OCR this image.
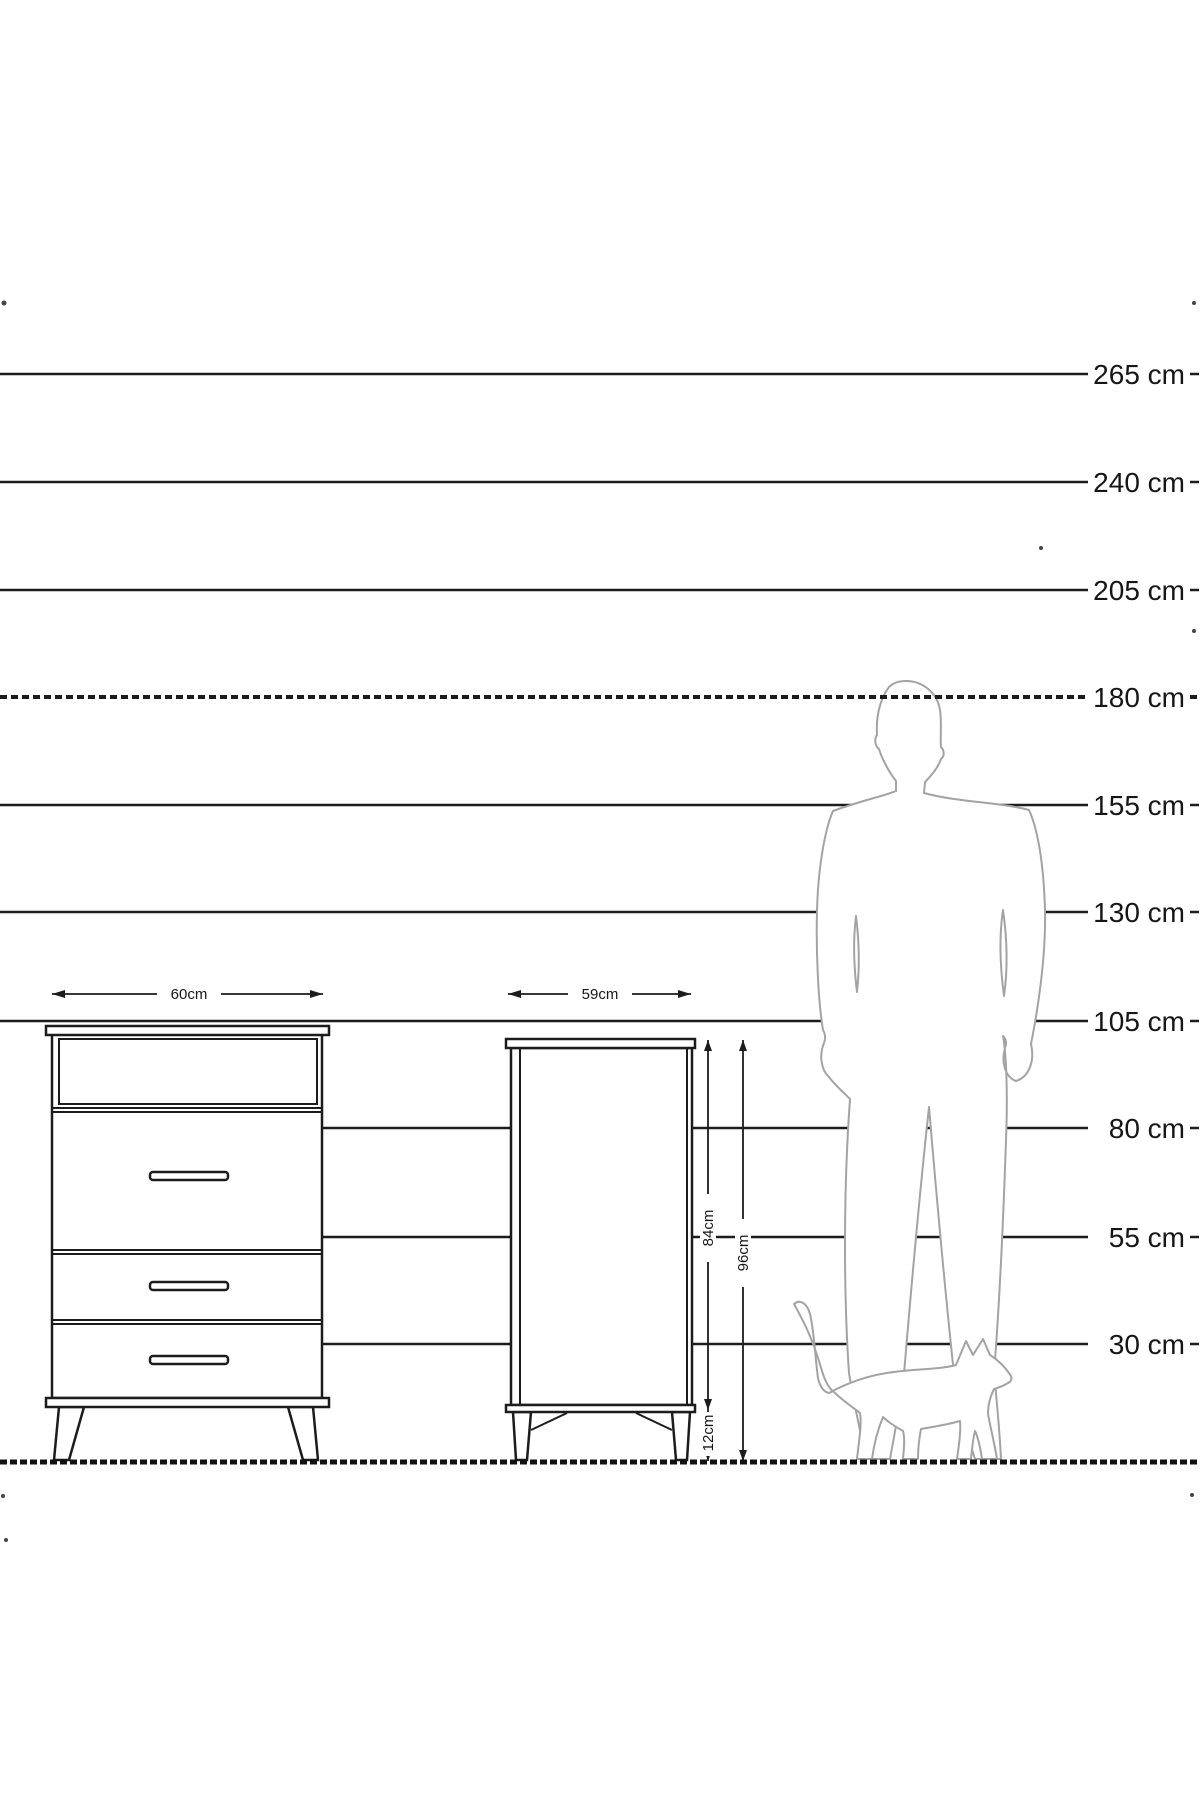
265 cm
240 cm
205 cm
155 cm
130 cm
105 cm
80 cm
55 cm
30 cm
180 cm
60cm	59cm
84cm
12cm
96cm
